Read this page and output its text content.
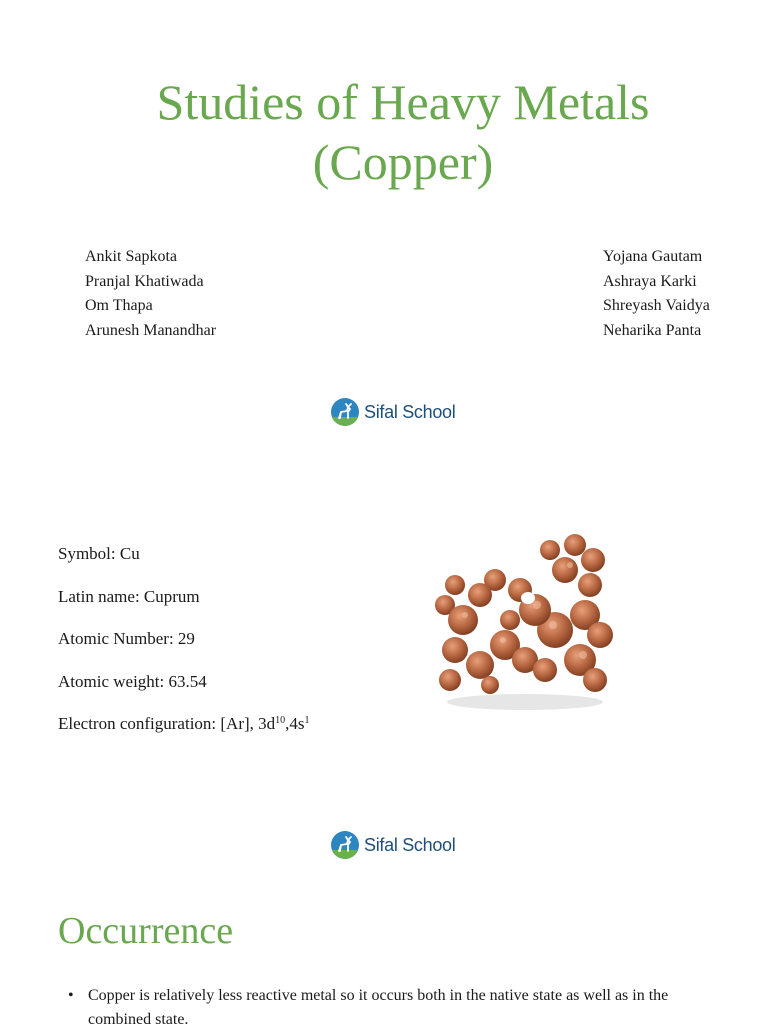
Studies of Heavy Metals
(Copper)
Ankit Sapkota
Pranjal Khatiwada
Om Thapa
Arunesh Manandhar
Yojana Gautam
Ashraya Karki
Shreyash Vaidya
Neharika Panta
Sifal School
Symbol: Cu
Latin name: Cuprum
Atomic Number: 29
Atomic weight: 63.54
Electron configuration: [Ar], $3d^{10},4s^1$
Sifal School
Occurrence
• Copper is relatively less reactive metal so it occurs both in the native state as well as in the combined state.
